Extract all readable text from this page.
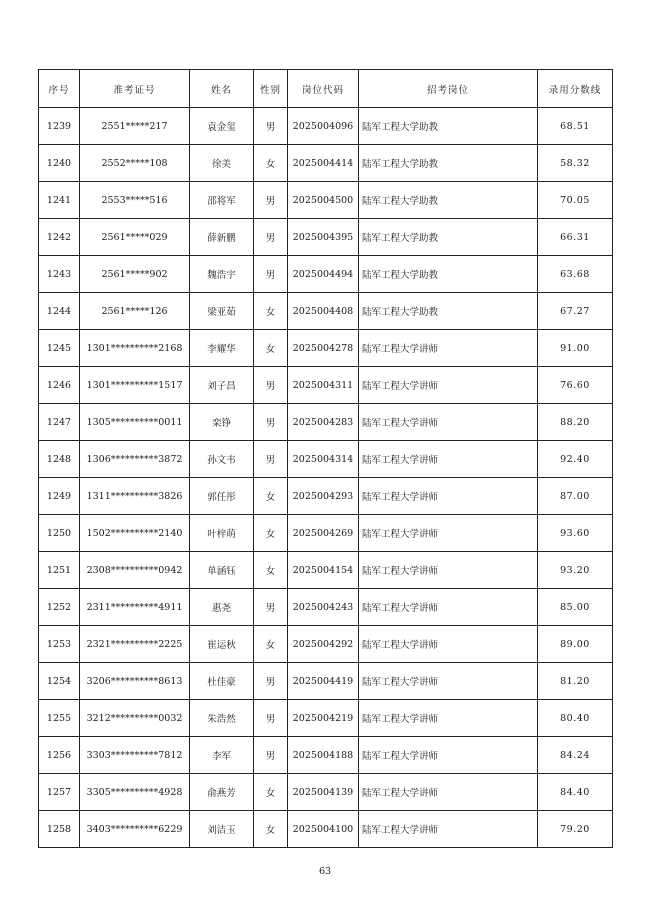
序号	准考证号	姓名	性别	岗位代码	招考岗位	录用分数线
1239	2551*****217	袁金玺	男	2025004096	陆军工程大学助教	68.51
1240	2552*****108	徐美	女	2025004414	陆军工程大学助教	58.32
1241	2553*****516	邵将军	男	2025004500	陆军工程大学助教	70.05
1242	2561*****029	薛新鹏	男	2025004395	陆军工程大学助教	66.31
1243	2561*****902	魏浩宇	男	2025004494	陆军工程大学助教	63.68
1244	2561*****126	梁亚茹	女	2025004408	陆军工程大学助教	67.27
1245	1301**********2168	李耀华	女	2025004278	陆军工程大学讲师	91.00
1246	1301**********1517	刘子昌	男	2025004311	陆军工程大学讲师	76.60
1247	1305**********0011	栾铮	男	2025004283	陆军工程大学讲师	88.20
1248	1306**********3872	孙文韦	男	2025004314	陆军工程大学讲师	92.40
1249	1311**********3826	郭任彤	女	2025004293	陆军工程大学讲师	87.00
1250	1502**********2140	叶梓萌	女	2025004269	陆军工程大学讲师	93.60
1251	2308**********0942	单涵钰	女	2025004154	陆军工程大学讲师	93.20
1252	2311**********4911	惠尧	男	2025004243	陆军工程大学讲师	85.00
1253	2321**********2225	崔运秋	女	2025004292	陆军工程大学讲师	89.00
1254	3206**********8613	杜佳豪	男	2025004419	陆军工程大学讲师	81.20
1255	3212**********0032	朱浩然	男	2025004219	陆军工程大学讲师	80.40
1256	3303**********7812	李军	男	2025004188	陆军工程大学讲师	84.24
1257	3305**********4928	俞燕芳	女	2025004139	陆军工程大学讲师	84.40
1258	3403**********6229	刘洁玉	女	2025004100	陆军工程大学讲师	79.20
63
